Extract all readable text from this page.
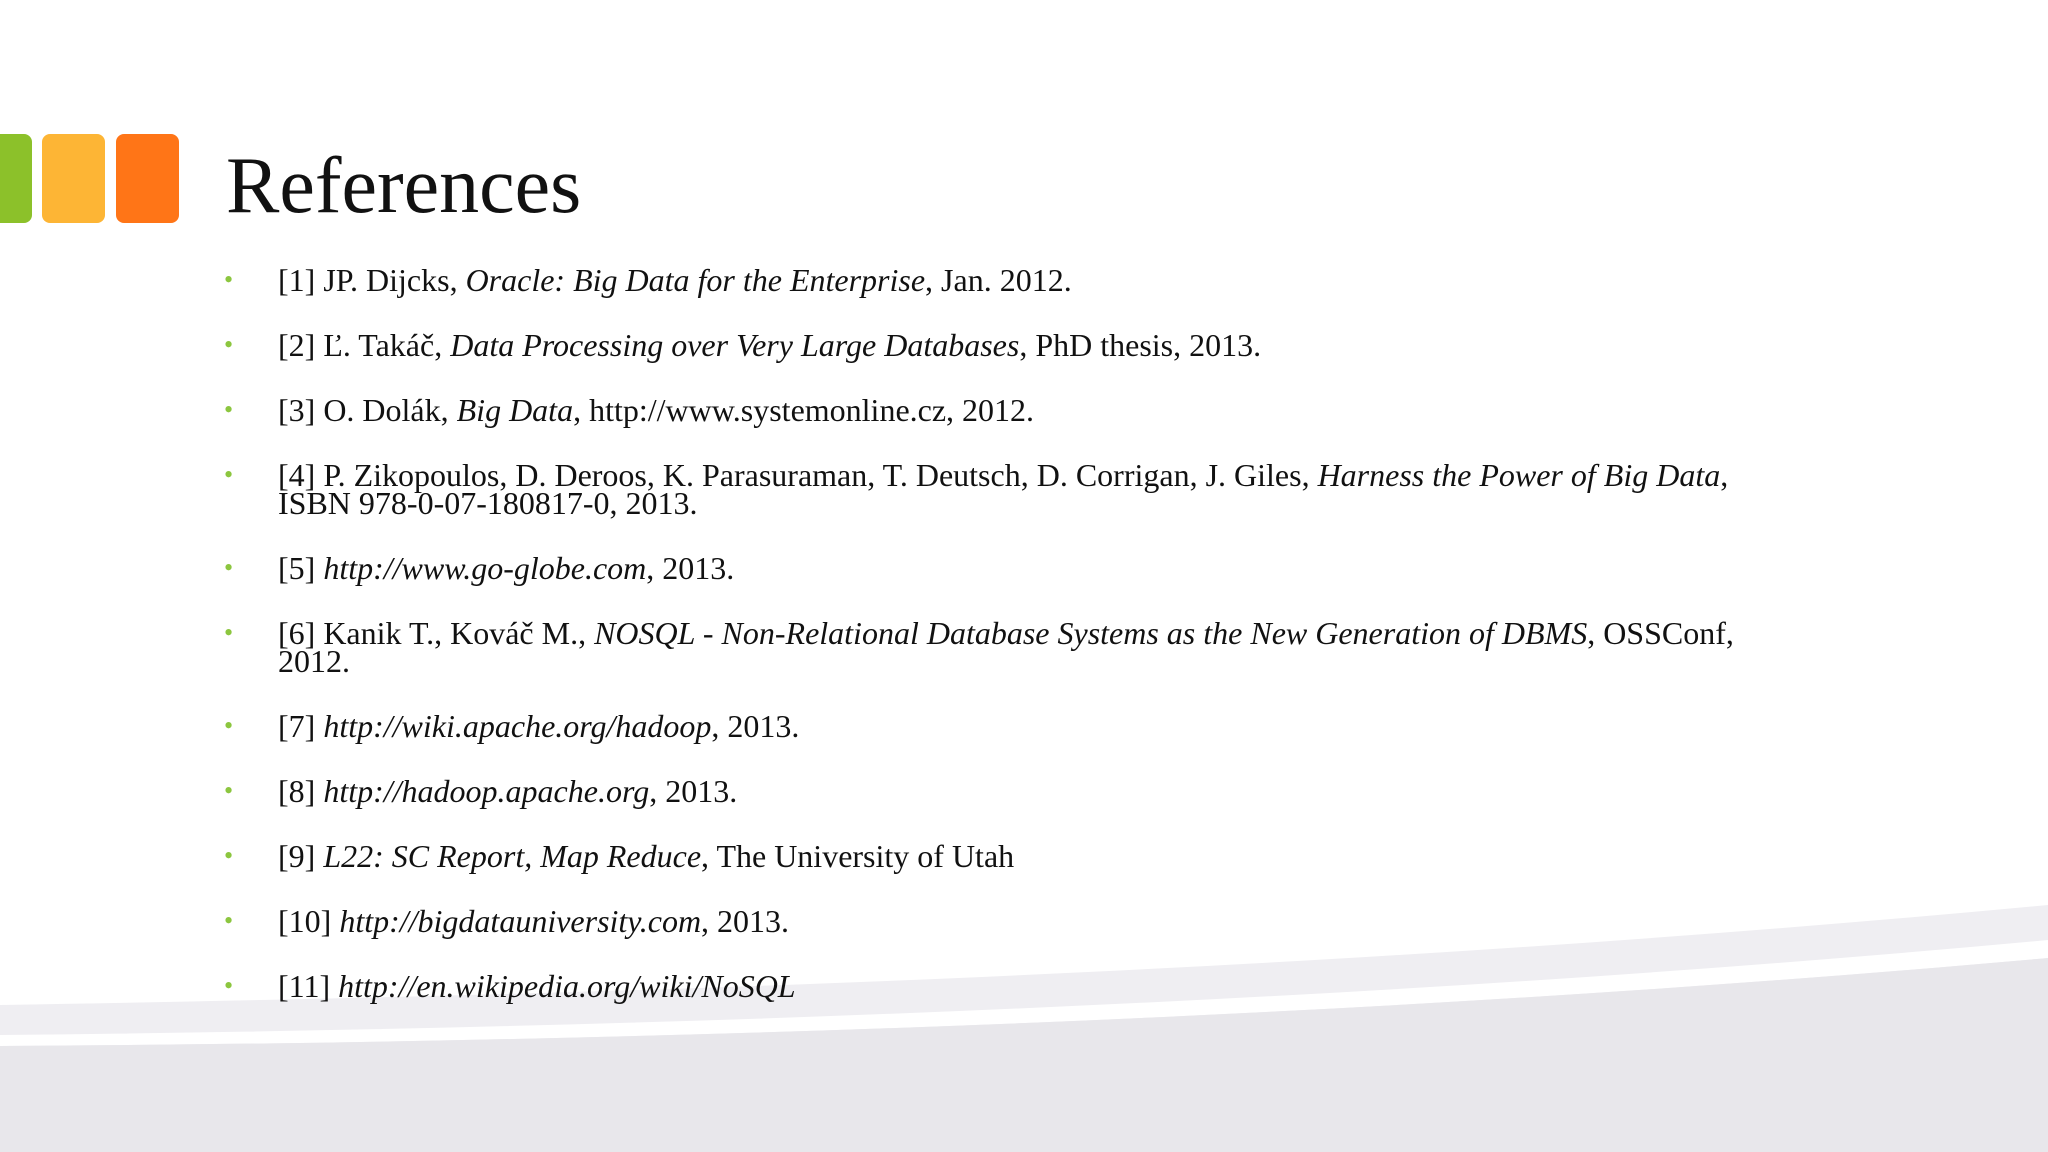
References
• [1] JP. Dijcks, Oracle: Big Data for the Enterprise, Jan. 2012.
• [2] Ľ. Takáč, Data Processing over Very Large Databases, PhD thesis, 2013.
• [3] O. Dolák, Big Data, http://www.systemonline.cz, 2012.
• [4] P. Zikopoulos, D. Deroos, K. Parasuraman, T. Deutsch, D. Corrigan, J. Giles, Harness the Power of Big Data, ISBN 978-0-07-180817-0, 2013.
• [5] http://www.go-globe.com, 2013.
• [6] Kanik T., Kováč M., NOSQL - Non-Relational Database Systems as the New Generation of DBMS, OSSConf, 2012.
• [7] http://wiki.apache.org/hadoop, 2013.
• [8] http://hadoop.apache.org, 2013.
• [9] L22: SC Report, Map Reduce, The University of Utah
• [10] http://bigdatauniversity.com, 2013.
• [11] http://en.wikipedia.org/wiki/NoSQL
